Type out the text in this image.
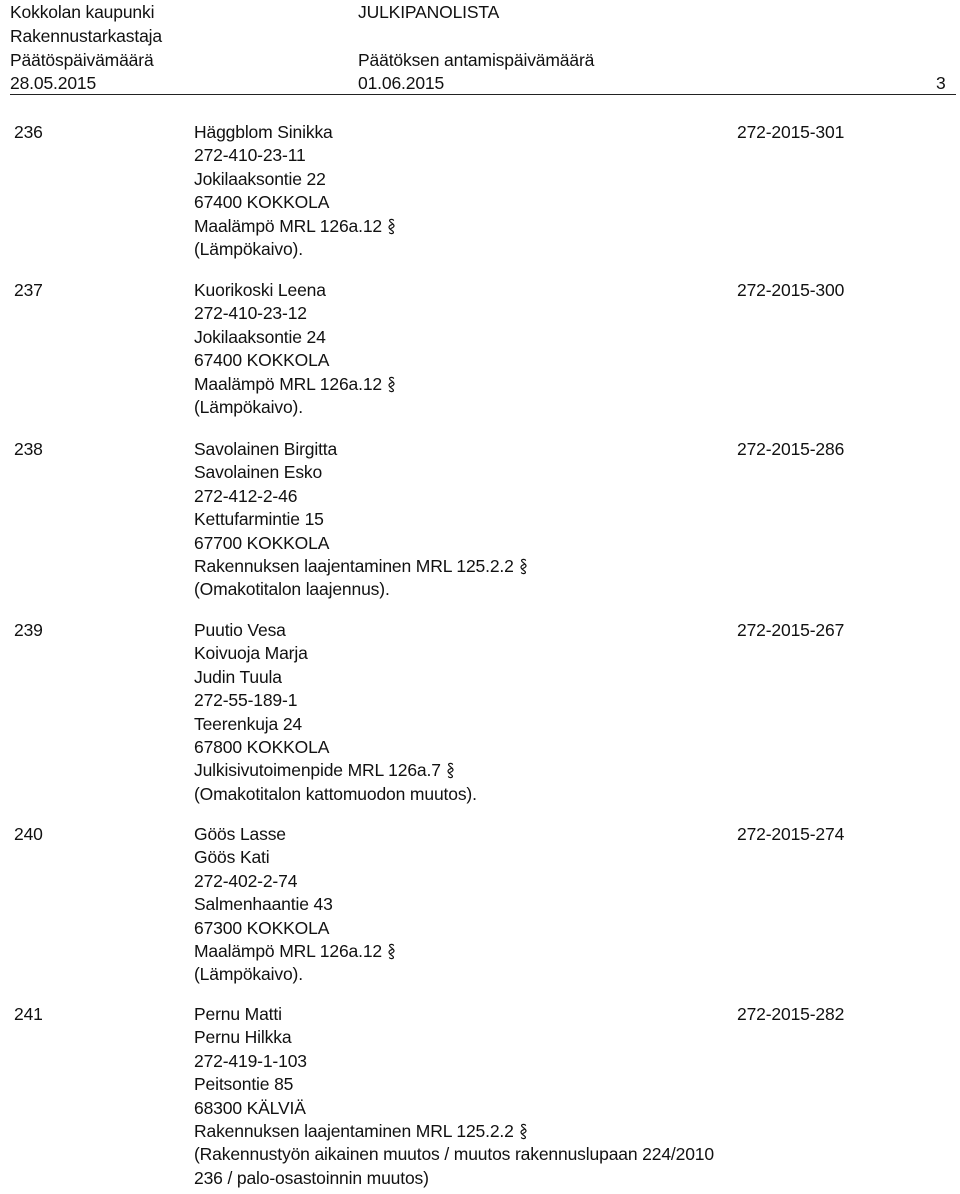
Kokkolan kaupunki	JULKIPANOLISTA
Rakennustarkastaja
Päätöspäivämäärä	Päätöksen antamispäivämäärä
28.05.2015	01.06.2015	3
236	Häggblom Sinikka
272-410-23-11
Jokilaaksontie 22
67400 KOKKOLA
Maalämpö MRL 126a.12
(Lämpökaivo).
272-2015-301
237	Kuorikoski Leena
272-410-23-12
Jokilaaksontie 24
67400 KOKKOLA
Maalämpö MRL 126a.12
(Lämpökaivo).
272-2015-300
238	Savolainen Birgitta
Savolainen Esko
272-412-2-46
Kettufarmintie 15
67700 KOKKOLA
Rakennuksen laajentaminen MRL 125.2.2
(Omakotitalon laajennus).
272-2015-286
239	Puutio Vesa
Koivuoja Marja
Judin Tuula
272-55-189-1
Teerenkuja 24
67800 KOKKOLA
Julkisivutoimenpide MRL 126a.7
(Omakotitalon kattomuodon muutos).
272-2015-267
240	Göös Lasse
Göös Kati
272-402-2-74
Salmenhaantie 43
67300 KOKKOLA
Maalämpö MRL 126a.12
(Lämpökaivo).
272-2015-274
241	Pernu Matti
Pernu Hilkka
272-419-1-103
Peitsontie 85
68300 KÄLVIÄ
Rakennuksen laajentaminen MRL 125.2.2
(Rakennustyön aikainen muutos / muutos rakennuslupaan 224/2010
236 / palo-osastoinnin muutos)
272-2015-282
